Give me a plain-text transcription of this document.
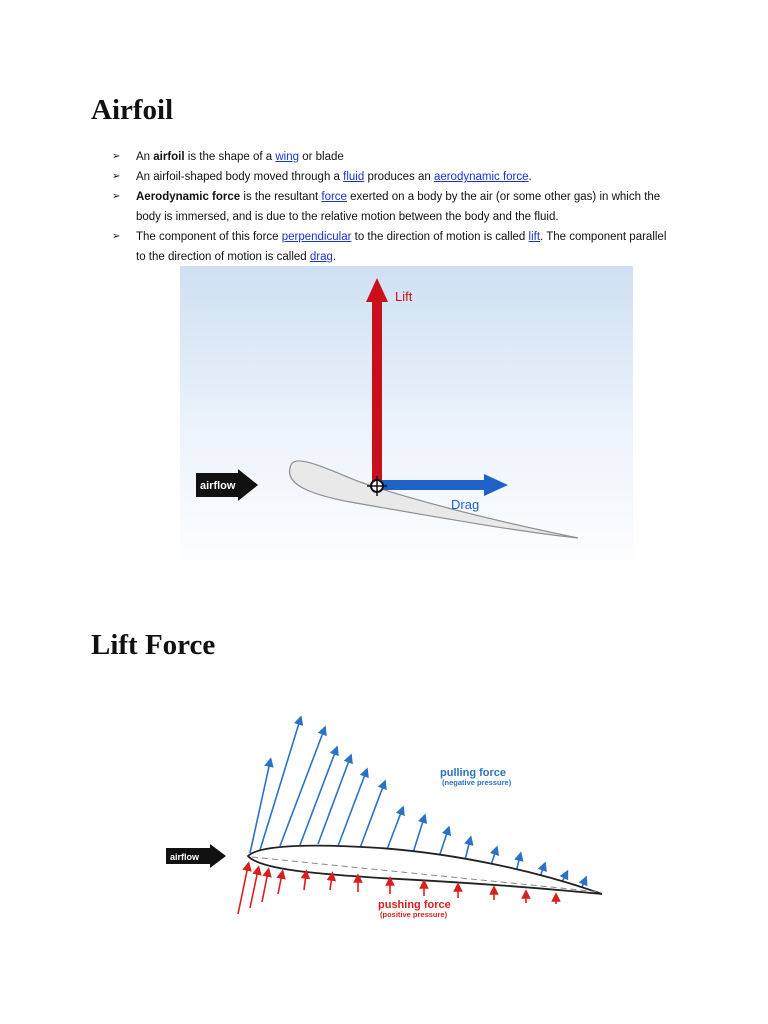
Airfoil
➢ An airfoil is the shape of a wing or blade
➢ An airfoil-shaped body moved through a fluid produces an aerodynamic force.
➢ Aerodynamic force is the resultant force exerted on a body by the air (or some other gas) in which the body is immersed, and is due to the relative motion between the body and the fluid.
➢ The component of this force perpendicular to the direction of motion is called lift. The component parallel to the direction of motion is called drag.
Lift
Drag
airflow
Lift Force
airflow
pulling force
(negative pressure)
pushing force
(positive pressure)
